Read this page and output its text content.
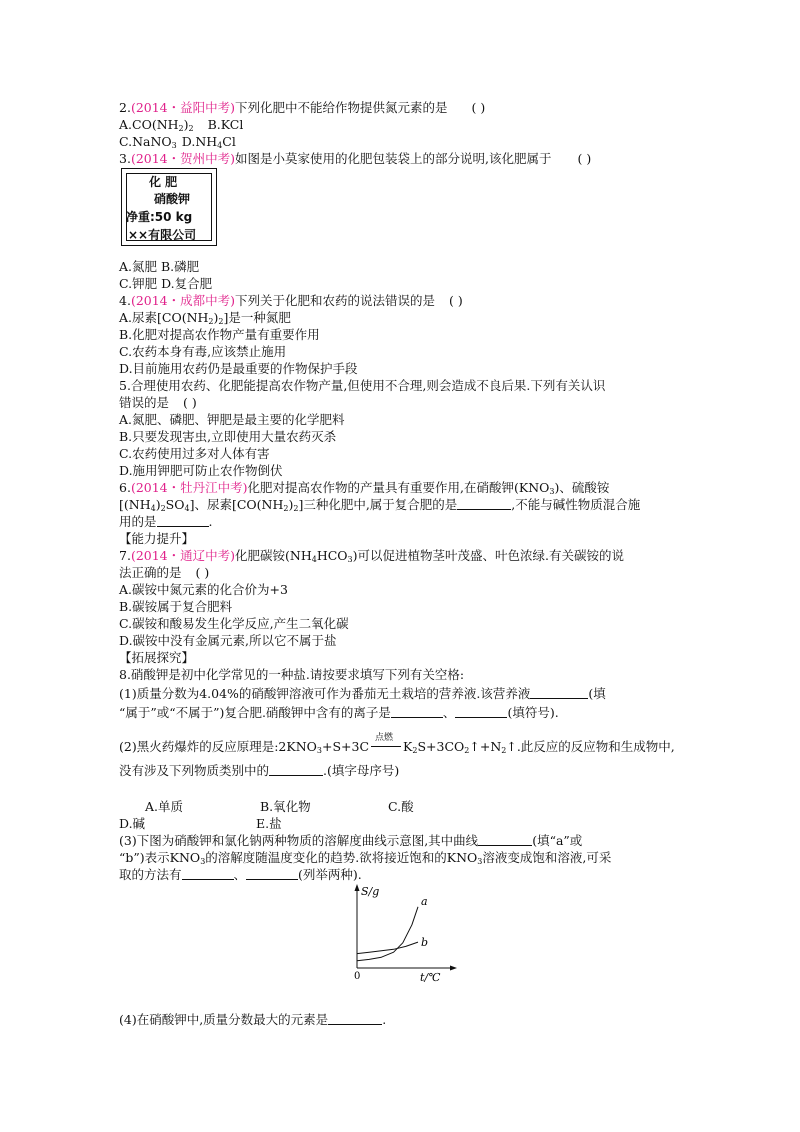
2.(2014・益阳中考)下列化肥中不能给作物提供氮元素的是 ( )
$A.CO(NH_2)_2$ B.KCl
C.NaNO$_3$ $D.NH_4Cl$
3.(2014・贺州中考)如图是小莫家使用的化肥包装袋上的部分说明,该化肥属于 ( )
化 肥
硝酸钾
净重:50 kg
××有限公司
A.氮肥 B.磷肥
C.钾肥 D.复合肥
4.(2014・成都中考)下列关于化肥和农药的说法错误的是 ( )
A.尿素$[CO(NH_2)_2]$是一种氮肥
B.化肥对提高农作物产量有重要作用
C.农药本身有毒,应该禁止施用
D.目前施用农药仍是最重要的作物保护手段
5.合理使用农药、化肥能提高农作物产量,但使用不合理,则会造成不良后果.下列有关认识
错误的是 ( )
A.氮肥、磷肥、钾肥是最主要的化学肥料
B.只要发现害虫,立即使用大量农药灭杀
C.农药使用过多对人体有害
D.施用钾肥可防止农作物倒伏
6.(2014・牡丹江中考)化肥对提高农作物的产量具有重要作用,在硝酸钾$(KNO_3)$、硫酸铵
$[(NH_4)_2SO_4]$、尿素$[CO(NH_2)_2]$三种化肥中,属于复合肥的是	,不能与碱性物质混合施
用的是	.
【能力提升】
7.(2014・通辽中考)化肥碳铵$(NH_4HCO_3)$可以促进植物茎叶茂盛、叶色浓绿.有关碳铵的说
法正确的是 ( )
A.碳铵中氮元素的化合价为+3
B.碳铵属于复合肥料
C.碳铵和酸易发生化学反应,产生二氧化碳
D.碳铵中没有金属元素,所以它不属于盐
【拓展探究】
8.硝酸钾是初中化学常见的一种盐.请按要求填写下列有关空格:
(1)质量分数为4.04%的硝酸钾溶液可作为番茄无土栽培的营养液.该营养液	(填
“属于”或“不属于”)复合肥.硝酸钾中含有的离子是	、	(填符号).
(2)黑火药爆炸的反应原理是$:2KNO_3+S+3C$
点燃
$K_2S+3CO_2↑+N_2↑$.此反应的反应物和生成物中,
没有涉及下列物质类别中的	.(填字母序号)
A.单质	B.氧化物	C.酸
D.碱	E.盐
(3)下图为硝酸钾和氯化钠两种物质的溶解度曲线示意图,其中曲线	(填“a”或
“b”)表示$KNO_3$的溶解度随温度变化的趋势.欲将接近饱和的$KNO_3$溶液变成饱和溶液,可采
取的方法有	、	(列举两种).
S/g
t/℃
0
a
b
(4)在硝酸钾中,质量分数最大的元素是	.
